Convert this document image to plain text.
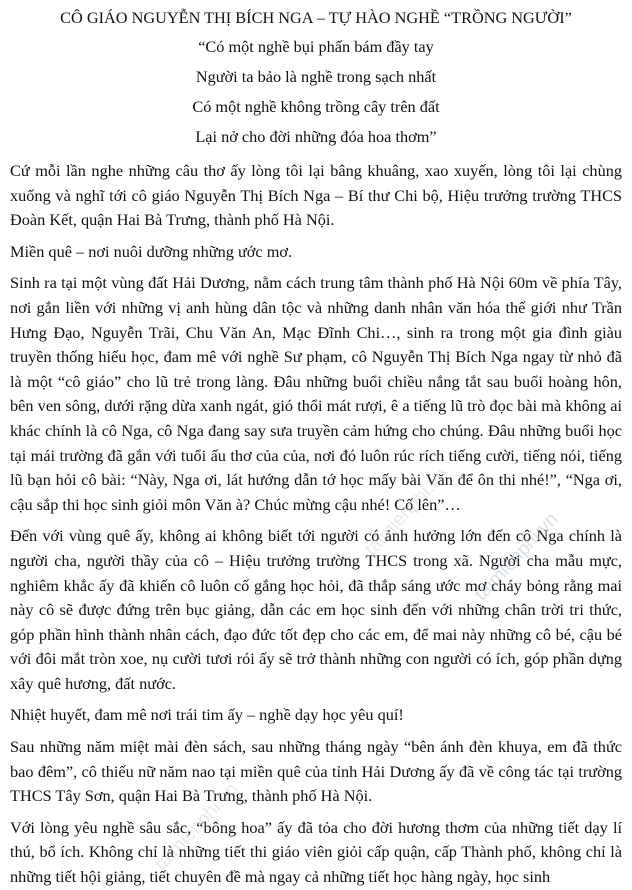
CÔ GIÁO NGUYỄN THỊ BÍCH NGA – TỰ HÀO NGHỀ “TRỒNG NGƯỜI”
“Có một nghề bụi phấn bám đầy tay
Người ta bảo là nghề trong sạch nhất
Có một nghề không trồng cây trên đất
Lại nở cho đời những đóa hoa thơm”

Cứ mỗi lần nghe những câu thơ ấy lòng tôi lại bâng khuâng, xao xuyến, lòng tôi lại chùng xuống và nghĩ tới cô giáo Nguyễn Thị Bích Nga – Bí thư Chi bộ, Hiệu trưởng trường THCS Đoàn Kết, quận Hai Bà Trưng, thành phố Hà Nội.

Miền quê – nơi nuôi dưỡng những ước mơ.

Sinh ra tại một vùng đất Hải Dương, nằm cách trung tâm thành phố Hà Nội 60m về phía Tây, nơi gắn liền với những vị anh hùng dân tộc và những danh nhân văn hóa thế giới như Trần Hưng Đạo, Nguyễn Trãi, Chu Văn An, Mạc Đĩnh Chi…, sinh ra trong một gia đình giàu truyền thống hiếu học, đam mê với nghề Sư phạm, cô Nguyễn Thị Bích Nga ngay từ nhỏ đã là một “cô giáo” cho lũ trẻ trong làng. Đâu những buổi chiều nắng tắt sau buổi hoàng hôn, bên ven sông, dưới rặng dừa xanh ngát, gió thổi mát rượi, ê a tiếng lũ trò đọc bài mà không ai khác chính là cô Nga, cô Nga đang say sưa truyền cảm hứng cho chúng. Đâu những buổi học tại mái trường đã gắn với tuổi ấu thơ của của, nơi đó luôn rúc rích tiếng cười, tiếng nói, tiếng lũ bạn hỏi cô bài: “Này, Nga ơi, lát hướng dẫn tớ học mấy bài Văn để ôn thi nhé!”, “Nga ơi, cậu sắp thi học sinh giỏi môn Văn à? Chúc mừng cậu nhé! Cố lên”…

Đến với vùng quê ấy, không ai không biết tới người có ảnh hưởng lớn đến cô Nga chính là người cha, người thầy của cô – Hiệu trưởng trường THCS trong xã. Người cha mẫu mực, nghiêm khắc ấy đã khiến cô luôn cố gắng học hỏi, đã thắp sáng ước mơ cháy bỏng rằng mai này cô sẽ được đứng trên bục giảng, dẫn các em học sinh đến với những chân trời tri thức, góp phần hình thành nhân cách, đạo đức tốt đẹp cho các em, để mai này những cô bé, cậu bé với đôi mắt tròn xoe, nụ cười tươi rói ấy sẽ trở thành những con người có ích, góp phần dựng xây quê hương, đất nước.

Nhiệt huyết, đam mê nơi trái tim ấy – nghề dạy học yêu quí!

Sau những năm miệt mài đèn sách, sau những tháng ngày “bên ánh đèn khuya, em đã thức bao đêm”, cô thiếu nữ năm nao tại miền quê của tỉnh Hải Dương ấy đã về công tác tại trường THCS Tây Sơn, quận Hai Bà Trưng, thành phố Hà Nội.

Với lòng yêu nghề sâu sắc, “bông hoa” ấy đã tỏa cho đời hương thơm của những tiết dạy lí thú, bổ ích. Không chỉ là những tiết thi giáo viên giỏi cấp quận, cấp Thành phố, không chỉ là những tiết hội giảng, tiết chuyên đề mà ngay cả những tiết học hàng ngày, học sinh

taimienphi.vn
taimienphi.vn
taimienphi.vn
